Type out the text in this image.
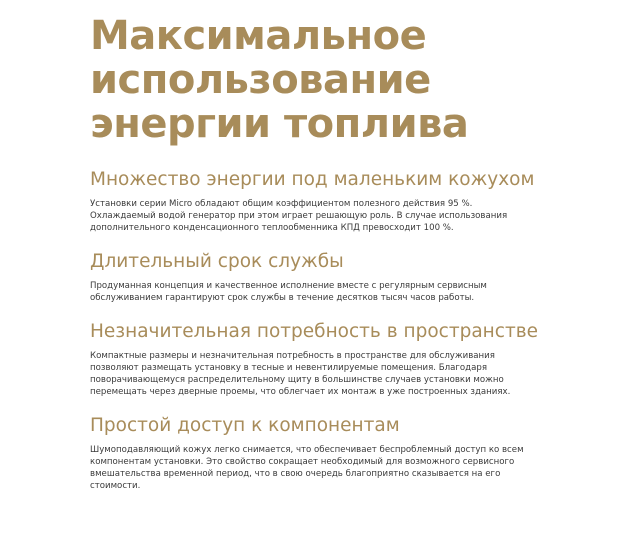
Максимальное
использование
энергии топлива
Множество энергии под маленьким кожухом

Установки серии Micro обладают общим коэффициентом полезного действия 95 %. Охлаждаемый водой генератор при этом играет решающую роль. В случае использования дополнительного конденсационного теплообменника КПД превосходит 100 %.

Длительный срок службы

Продуманная концепция и качественное исполнение вместе с регулярным сервисным обслуживанием гарантируют срок службы в течение десятков тысяч часов работы.

Незначительная потребность в пространстве

Компактные размеры и незначительная потребность в пространстве для обслуживания позволяют размещать установку в тесные и невентилируемые помещения. Благодаря поворачивающемуся распределительному щиту в большинстве случаев установки можно перемещать через дверные проемы, что облегчает их монтаж в уже построенных зданиях.

Простой доступ к компонентам

Шумоподавляющий кожух легко снимается, что обеспечивает беспроблемный доступ ко всем компонентам установки. Это свойство сокращает необходимый для возможного сервисного вмешательства временной период, что в свою очередь благоприятно сказывается на его стоимости.
